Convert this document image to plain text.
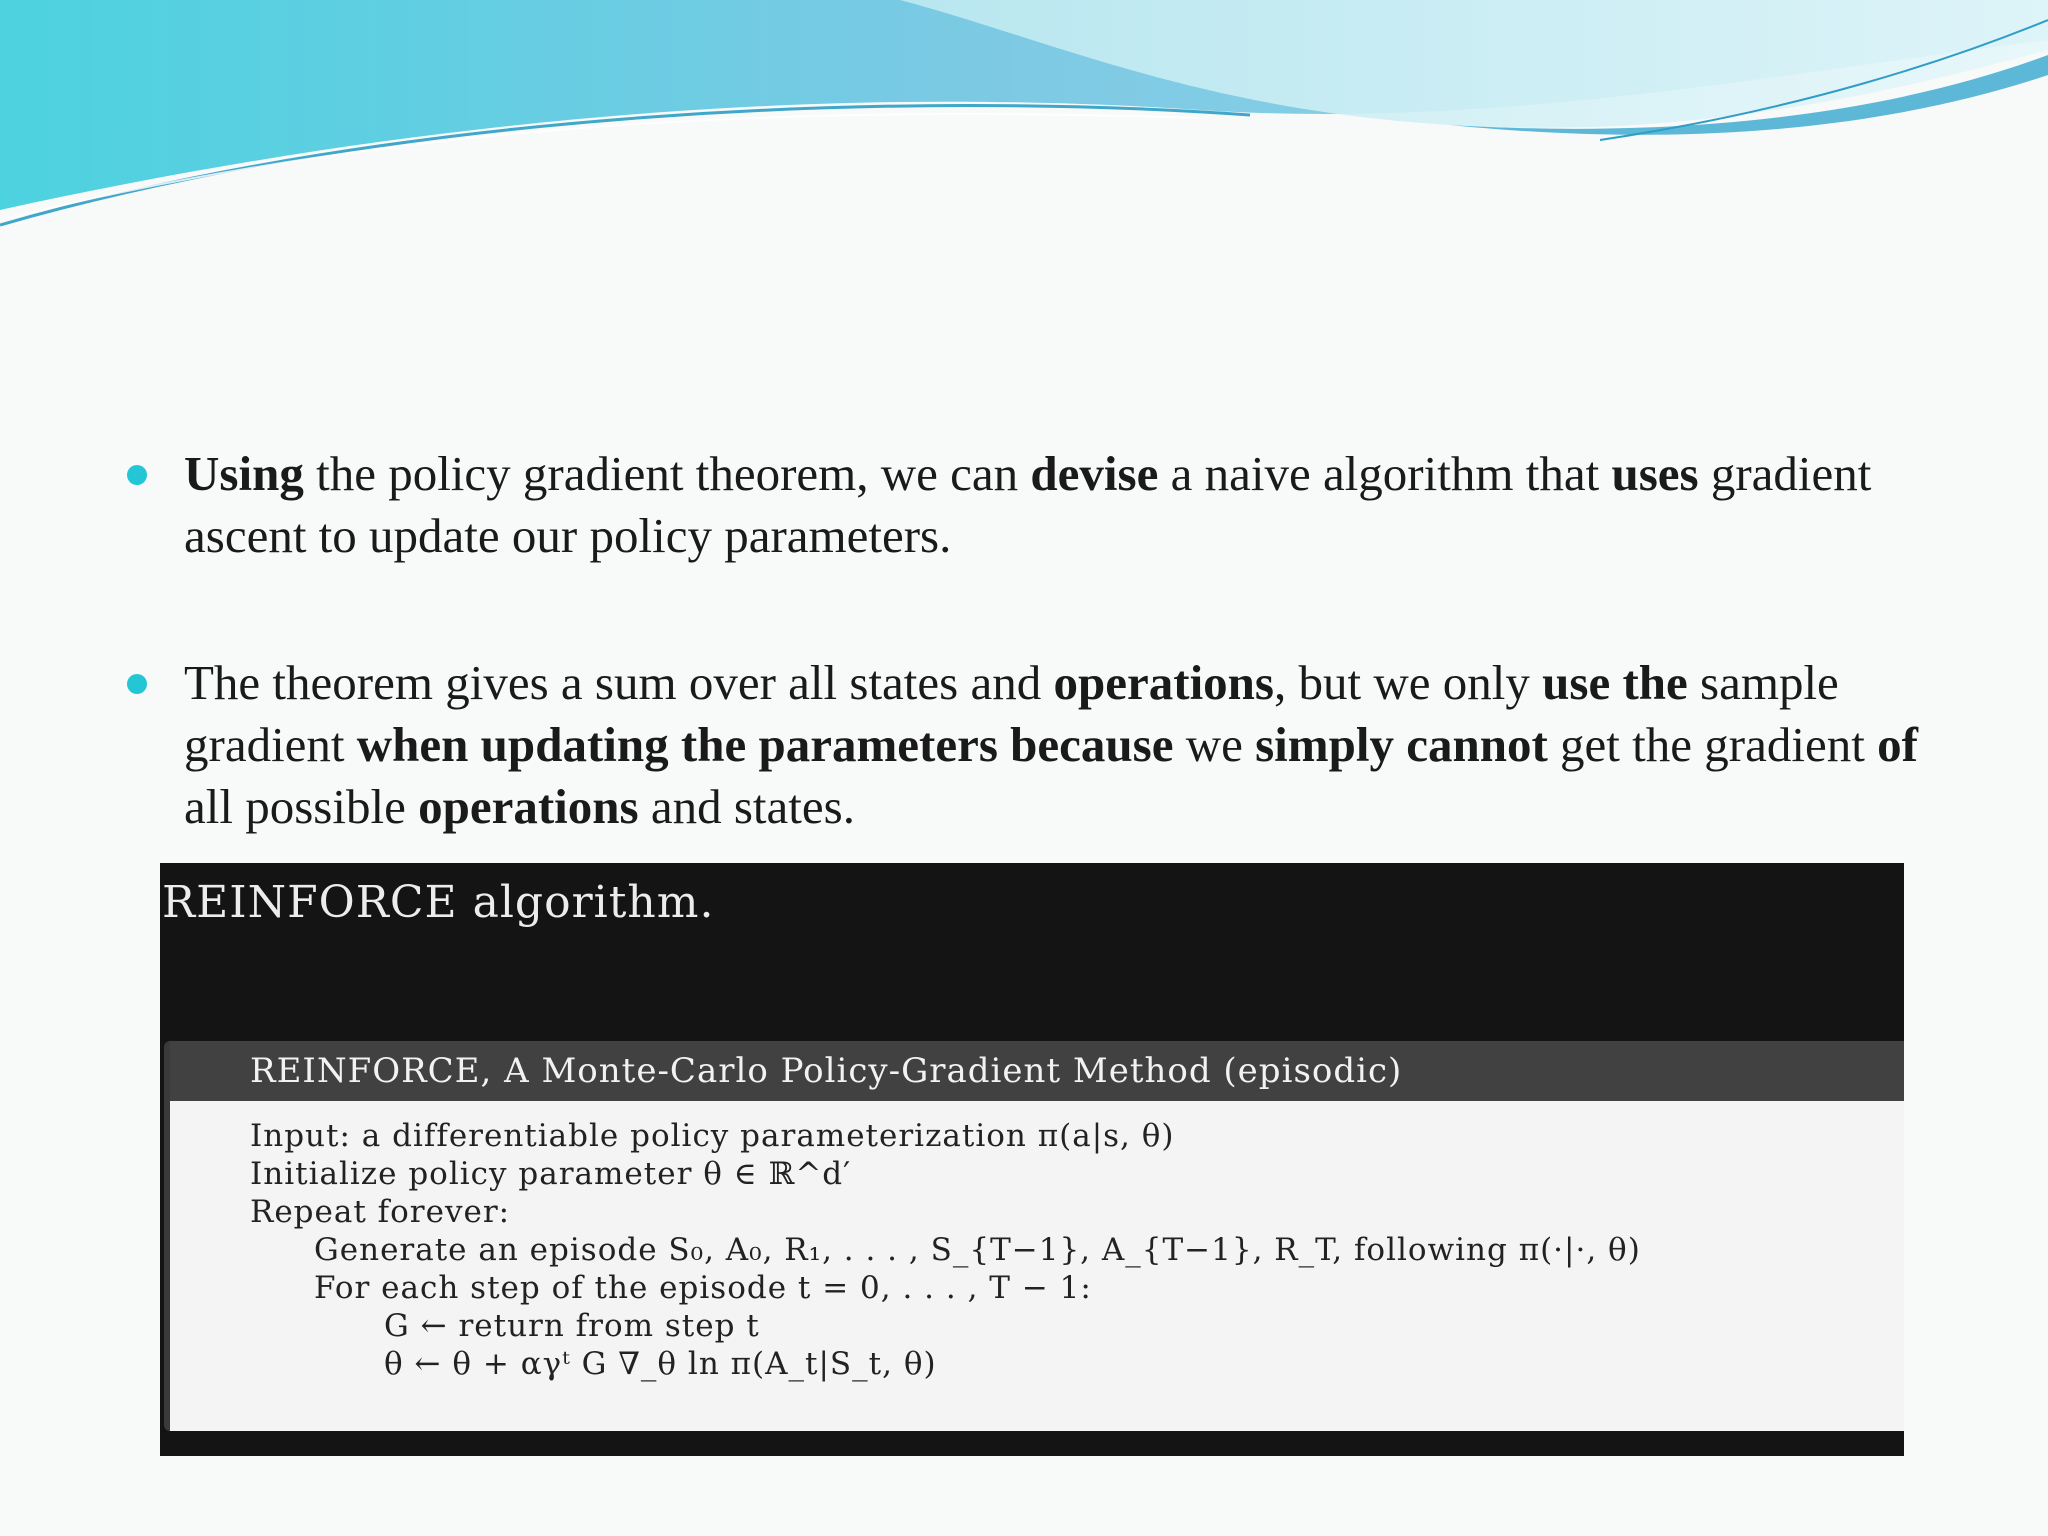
Using the policy gradient theorem, we can devise a naive algorithm that uses gradient ascent to update our policy parameters.
The theorem gives a sum over all states and operations, but we only use the sample gradient when updating the parameters because we simply cannot get the gradient of all possible operations and states.
REINFORCE algorithm.
REINFORCE, A Monte-Carlo Policy-Gradient Method (episodic)
Input: a differentiable policy parameterization π(a|s, θ)
Initialize policy parameter θ ∈ ℝ^d′
Repeat forever:
Generate an episode S₀, A₀, R₁, . . . , S_{T−1}, A_{T−1}, R_T, following π(·|·, θ)
For each step of the episode t = 0, . . . , T − 1:
G ← return from step t
θ ← θ + αγᵗ G ∇_θ ln π(A_t|S_t, θ)
